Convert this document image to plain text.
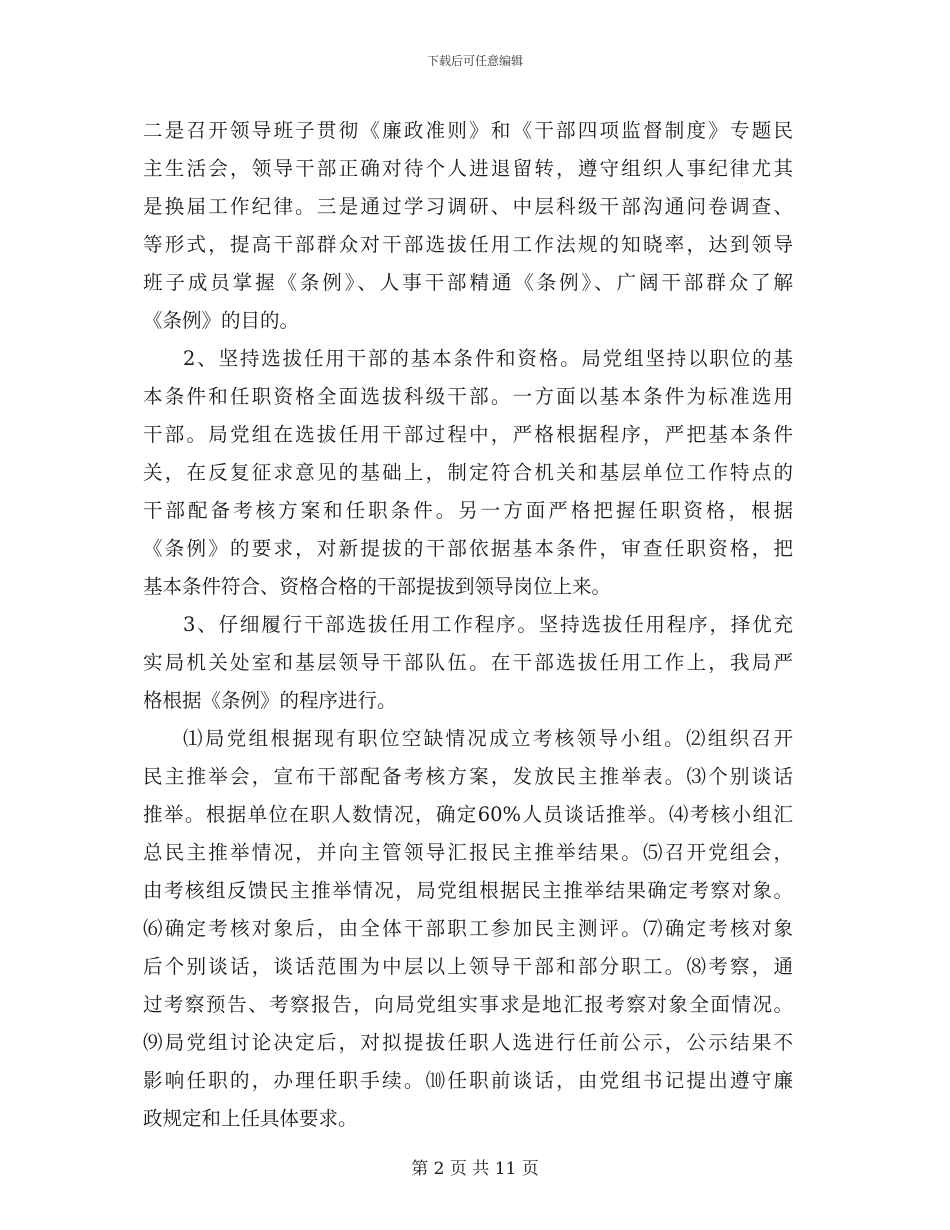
下载后可任意编辑
二是召开领导班子贯彻《廉政准则》和《干部四项监督制度》专题民
主生活会，领导干部正确对待个人进退留转，遵守组织人事纪律尤其
是换届工作纪律。三是通过学习调研、中层科级干部沟通问卷调查、
等形式，提高干部群众对干部选拔任用工作法规的知晓率，达到领导
班子成员掌握《条例》、人事干部精通《条例》、广阔干部群众了解
《条例》的目的。
2、坚持选拔任用干部的基本条件和资格。局党组坚持以职位的基
本条件和任职资格全面选拔科级干部。一方面以基本条件为标准选用
干部。局党组在选拔任用干部过程中，严格根据程序，严把基本条件
关，在反复征求意见的基础上，制定符合机关和基层单位工作特点的
干部配备考核方案和任职条件。另一方面严格把握任职资格，根据
《条例》的要求，对新提拔的干部依据基本条件，审查任职资格，把
基本条件符合、资格合格的干部提拔到领导岗位上来。
3、仔细履行干部选拔任用工作程序。坚持选拔任用程序，择优充
实局机关处室和基层领导干部队伍。在干部选拔任用工作上，我局严
格根据《条例》的程序进行。
⑴局党组根据现有职位空缺情况成立考核领导小组。⑵组织召开
民主推举会，宣布干部配备考核方案，发放民主推举表。⑶个别谈话
推举。根据单位在职人数情况，确定60%人员谈话推举。⑷考核小组汇
总民主推举情况，并向主管领导汇报民主推举结果。⑸召开党组会，
由考核组反馈民主推举情况，局党组根据民主推举结果确定考察对象。
⑹确定考核对象后，由全体干部职工参加民主测评。⑺确定考核对象
后个别谈话，谈话范围为中层以上领导干部和部分职工。⑻考察，通
过考察预告、考察报告，向局党组实事求是地汇报考察对象全面情况。
⑼局党组讨论决定后，对拟提拔任职人选进行任前公示，公示结果不
影响任职的，办理任职手续。⑽任职前谈话，由党组书记提出遵守廉
政规定和上任具体要求。
第 2 页 共 11 页
